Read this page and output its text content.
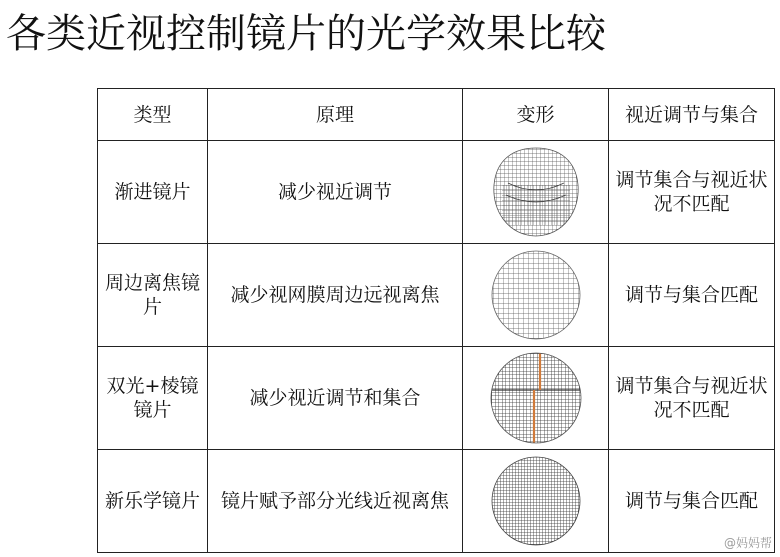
各类近视控制镜片的光学效果比较
类型	原理	变形	视近调节与集合
渐进镜片	减少视近调节		调节集合与视近状况不匹配
周边离焦镜片	减少视网膜周边远视离焦		调节与集合匹配
双光+棱镜镜片	减少视近调节和集合		调节集合与视近状况不匹配
新乐学镜片	镜片赋予部分光线近视离焦		调节与集合匹配
@妈妈帮
